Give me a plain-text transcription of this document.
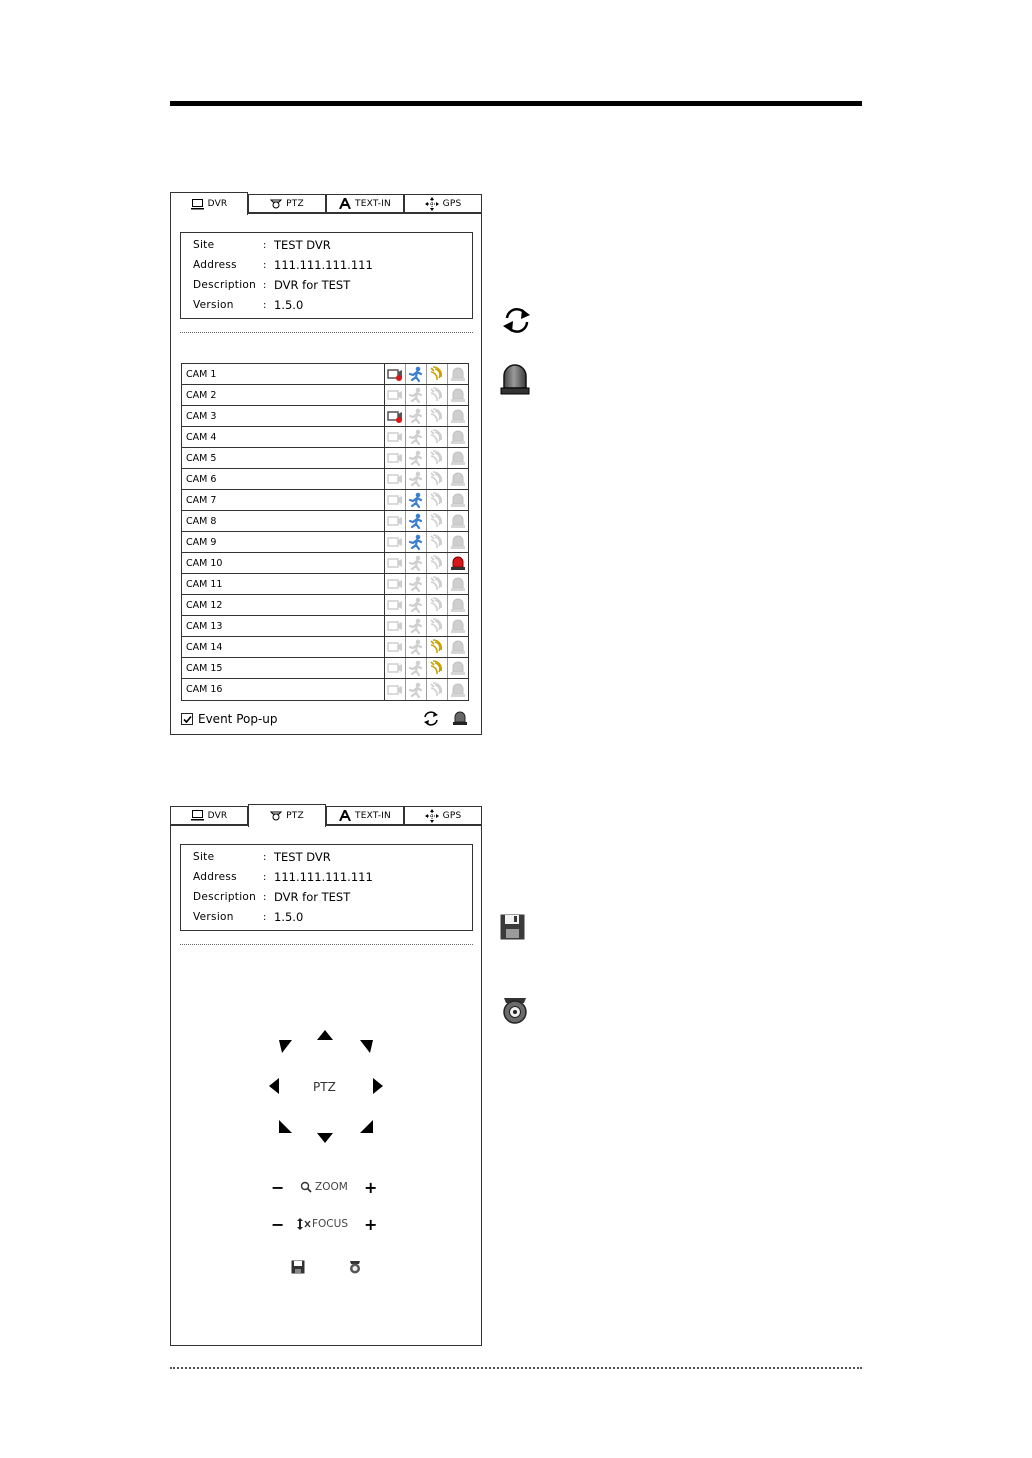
DVR	PTZ	TEXT-IN	GPS
Site	: TEST DVR
Address	: 111.111.111.111
Description : DVR for TEST
Version	: 1.5.0
CAM 1
CAM 2
CAM 3
CAM 4
CAM 5
CAM 6
CAM 7
CAM 8
CAM 9
CAM 10
CAM 11
CAM 12
CAM 13
CAM 14
CAM 15
CAM 16
Event Pop-up
DVR	PTZ	TEXT-IN	GPS
Site	: TEST DVR
Address	: 111.111.111.111
Description : DVR for TEST
Version	: 1.5.0
PTZ
−	ZOOM +
−	FOCUS +
